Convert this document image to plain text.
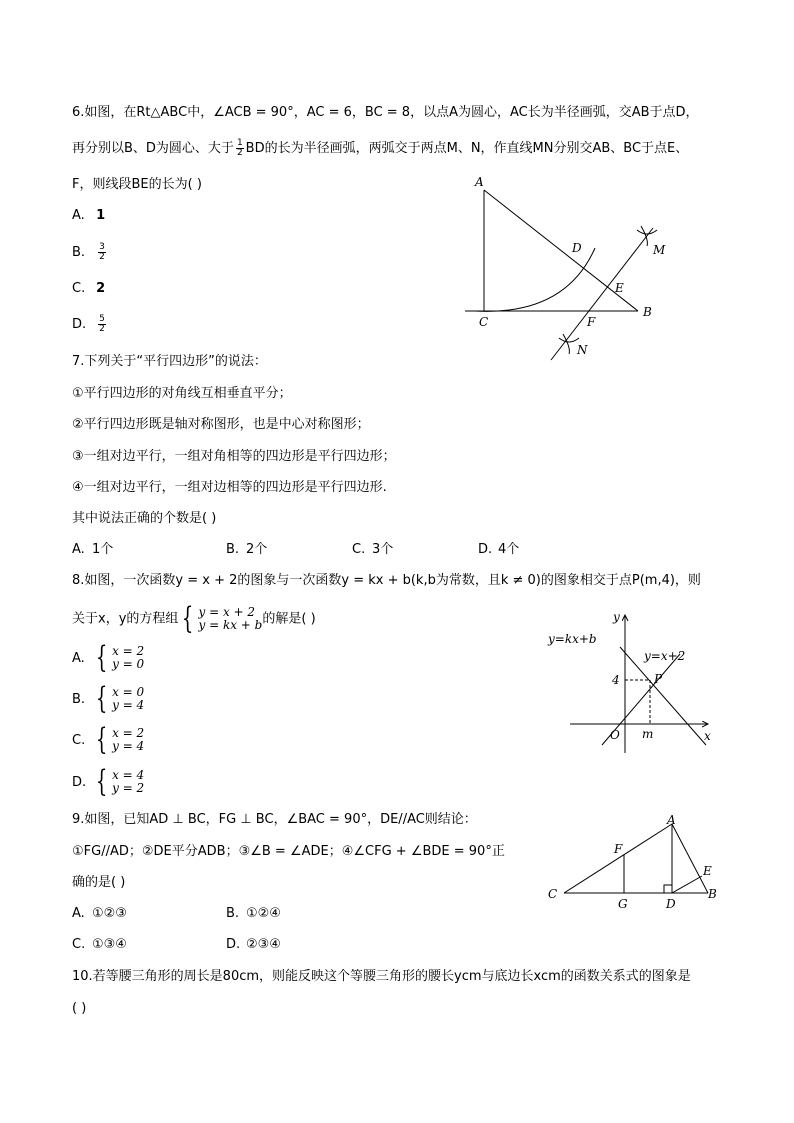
6.如图，在Rt△ABC中，∠ACB = 90°，AC = 6，BC = 8，以点A为圆心，AC长为半径画弧，交AB于点D，
再分别以B、D为圆心、大于 $\frac{1}{2}$ BD的长为半径画弧，两弧交于两点M、N，作直线MN分别交AB、BC于点E、
F，则线段BE的长为( )
A. 1
B. $\frac{3}{2}$
C. 2
D. $\frac{5}{2}$
A
B
C
D
E
F
M
N
7.下列关于“平行四边形”的说法：
①平行四边形的对角线互相垂直平分；
②平行四边形既是轴对称图形，也是中心对称图形；
③一组对边平行，一组对角相等的四边形是平行四边形；
④一组对边平行，一组对边相等的四边形是平行四边形.
其中说法正确的个数是( )
A. 1个	B. 2个	C. 3个	D. 4个
8.如图，一次函数y = x + 2的图象与一次函数y = kx + b(k,b为常数，且k ≠ 0)的图象相交于点P(m,4)，则
关于x，y的方程组 { y = x + 2
y = kx + b 的解是( )
A. { x = 2
y = 0
B. { x = 0
y = 4
C. { x = 2
y = 4
D. { x = 4
y = 2
y
x
O
y=kx+b
y=x+2
P
4
m
9.如图，已知AD ⊥ BC，FG ⊥ BC，∠BAC = 90°，DE//AC则结论：
①FG//AD；②DE平分ADB；③∠B = ∠ADE；④∠CFG + ∠BDE = 90°正
确的是( )
A. ①②③	B. ①②④
C. ①③④	D. ②③④
A
B
C
D
E
F
G
10.若等腰三角形的周长是80cm，则能反映这个等腰三角形的腰长ycm与底边长xcm的函数关系式的图象是
( )
